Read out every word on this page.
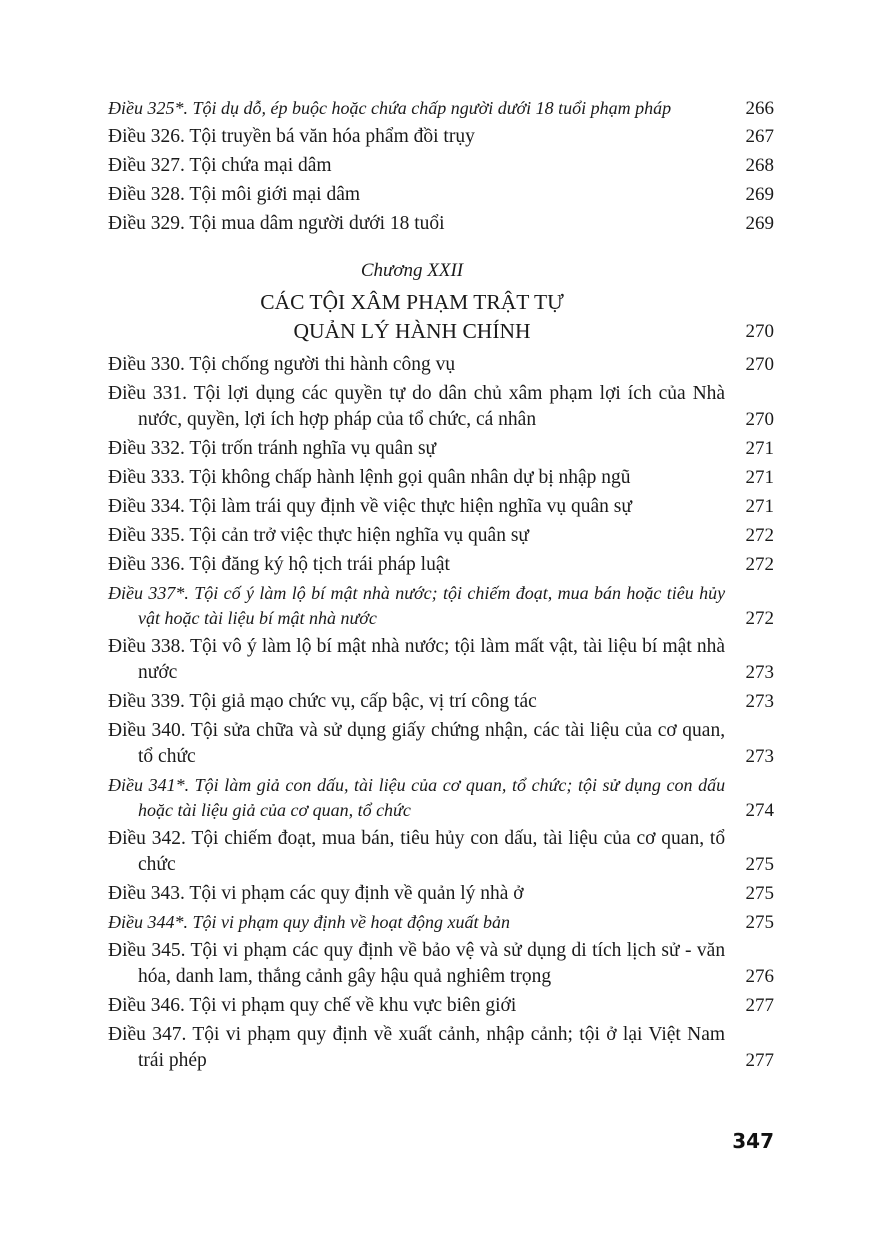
Điều 325*. Tội dụ dỗ, ép buộc hoặc chứa chấp người dưới 18 tuổi phạm pháp	266
Điều 326. Tội truyền bá văn hóa phẩm đồi trụy	267
Điều 327. Tội chứa mại dâm	268
Điều 328. Tội môi giới mại dâm	269
Điều 329. Tội mua dâm người dưới 18 tuổi	269
Chương XXII
CÁC TỘI XÂM PHẠM TRẬT TỰ
QUẢN LÝ HÀNH CHÍNH	270
Điều 330. Tội chống người thi hành công vụ	270
Điều 331. Tội lợi dụng các quyền tự do dân chủ xâm phạm lợi ích của Nhà nước, quyền, lợi ích hợp pháp của tổ chức, cá nhân	270
Điều 332. Tội trốn tránh nghĩa vụ quân sự	271
Điều 333. Tội không chấp hành lệnh gọi quân nhân dự bị nhập ngũ	271
Điều 334. Tội làm trái quy định về việc thực hiện nghĩa vụ quân sự	271
Điều 335. Tội cản trở việc thực hiện nghĩa vụ quân sự	272
Điều 336. Tội đăng ký hộ tịch trái pháp luật	272
Điều 337*. Tội cố ý làm lộ bí mật nhà nước; tội chiếm đoạt, mua bán hoặc tiêu hủy vật hoặc tài liệu bí mật nhà nước	272
Điều 338. Tội vô ý làm lộ bí mật nhà nước; tội làm mất vật, tài liệu bí mật nhà nước	273
Điều 339. Tội giả mạo chức vụ, cấp bậc, vị trí công tác	273
Điều 340. Tội sửa chữa và sử dụng giấy chứng nhận, các tài liệu của cơ quan, tổ chức	273
Điều 341*. Tội làm giả con dấu, tài liệu của cơ quan, tổ chức; tội sử dụng con dấu hoặc tài liệu giả của cơ quan, tổ chức	274
Điều 342. Tội chiếm đoạt, mua bán, tiêu hủy con dấu, tài liệu của cơ quan, tổ chức	275
Điều 343. Tội vi phạm các quy định về quản lý nhà ở	275
Điều 344*. Tội vi phạm quy định về hoạt động xuất bản	275
Điều 345. Tội vi phạm các quy định về bảo vệ và sử dụng di tích lịch sử - văn hóa, danh lam, thắng cảnh gây hậu quả nghiêm trọng	276
Điều 346. Tội vi phạm quy chế về khu vực biên giới	277
Điều 347. Tội vi phạm quy định về xuất cảnh, nhập cảnh; tội ở lại Việt Nam trái phép	277
347
